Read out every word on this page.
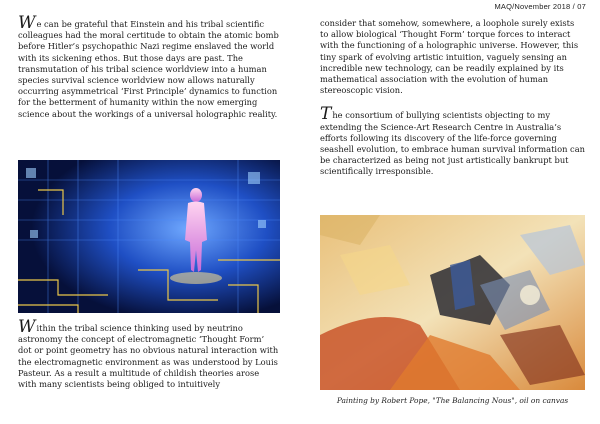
MAQ/November 2018 / 07

We can be grateful that Einstein and his tribal scientific colleagues had the moral certitude to obtain the atomic bomb before Hitler’s psychopathic Nazi regime enslaved the world with its sickening ethos. But those days are past. The transmutation of his tribal science worldview into a human species survival science worldview now allows naturally occurring asymmetrical ‘First Principle’ dynamics to function for the betterment of humanity within the now emerging science about the workings of a universal holographic reality.

Within the tribal science thinking used by neutrino astronomy the concept of electromagnetic ‘Thought Form’ dot or point geometry has no obvious natural interaction with the electromagnetic environment as was understood by Louis Pasteur. As a result a multitude of childish theories arose with many scientists being obliged to intuitively

consider that somehow, somewhere, a loophole surely exists to allow biological ‘Thought Form’ torque forces to interact with the functioning of a holographic universe. However, this tiny spark of evolving artistic intuition, vaguely sensing an incredible new technology, can be readily explained by its mathematical association with the evolution of human stereoscopic vision.

The consortium of bullying scientists objecting to my extending the Science-Art Research Centre in Australia’s efforts following its discovery of the life-force governing seashell evolution, to embrace human survival information can be characterized as being not just artistically bankrupt but scientifically irresponsible.

Painting by Robert Pope, "The Balancing Nous", oil on canvas
